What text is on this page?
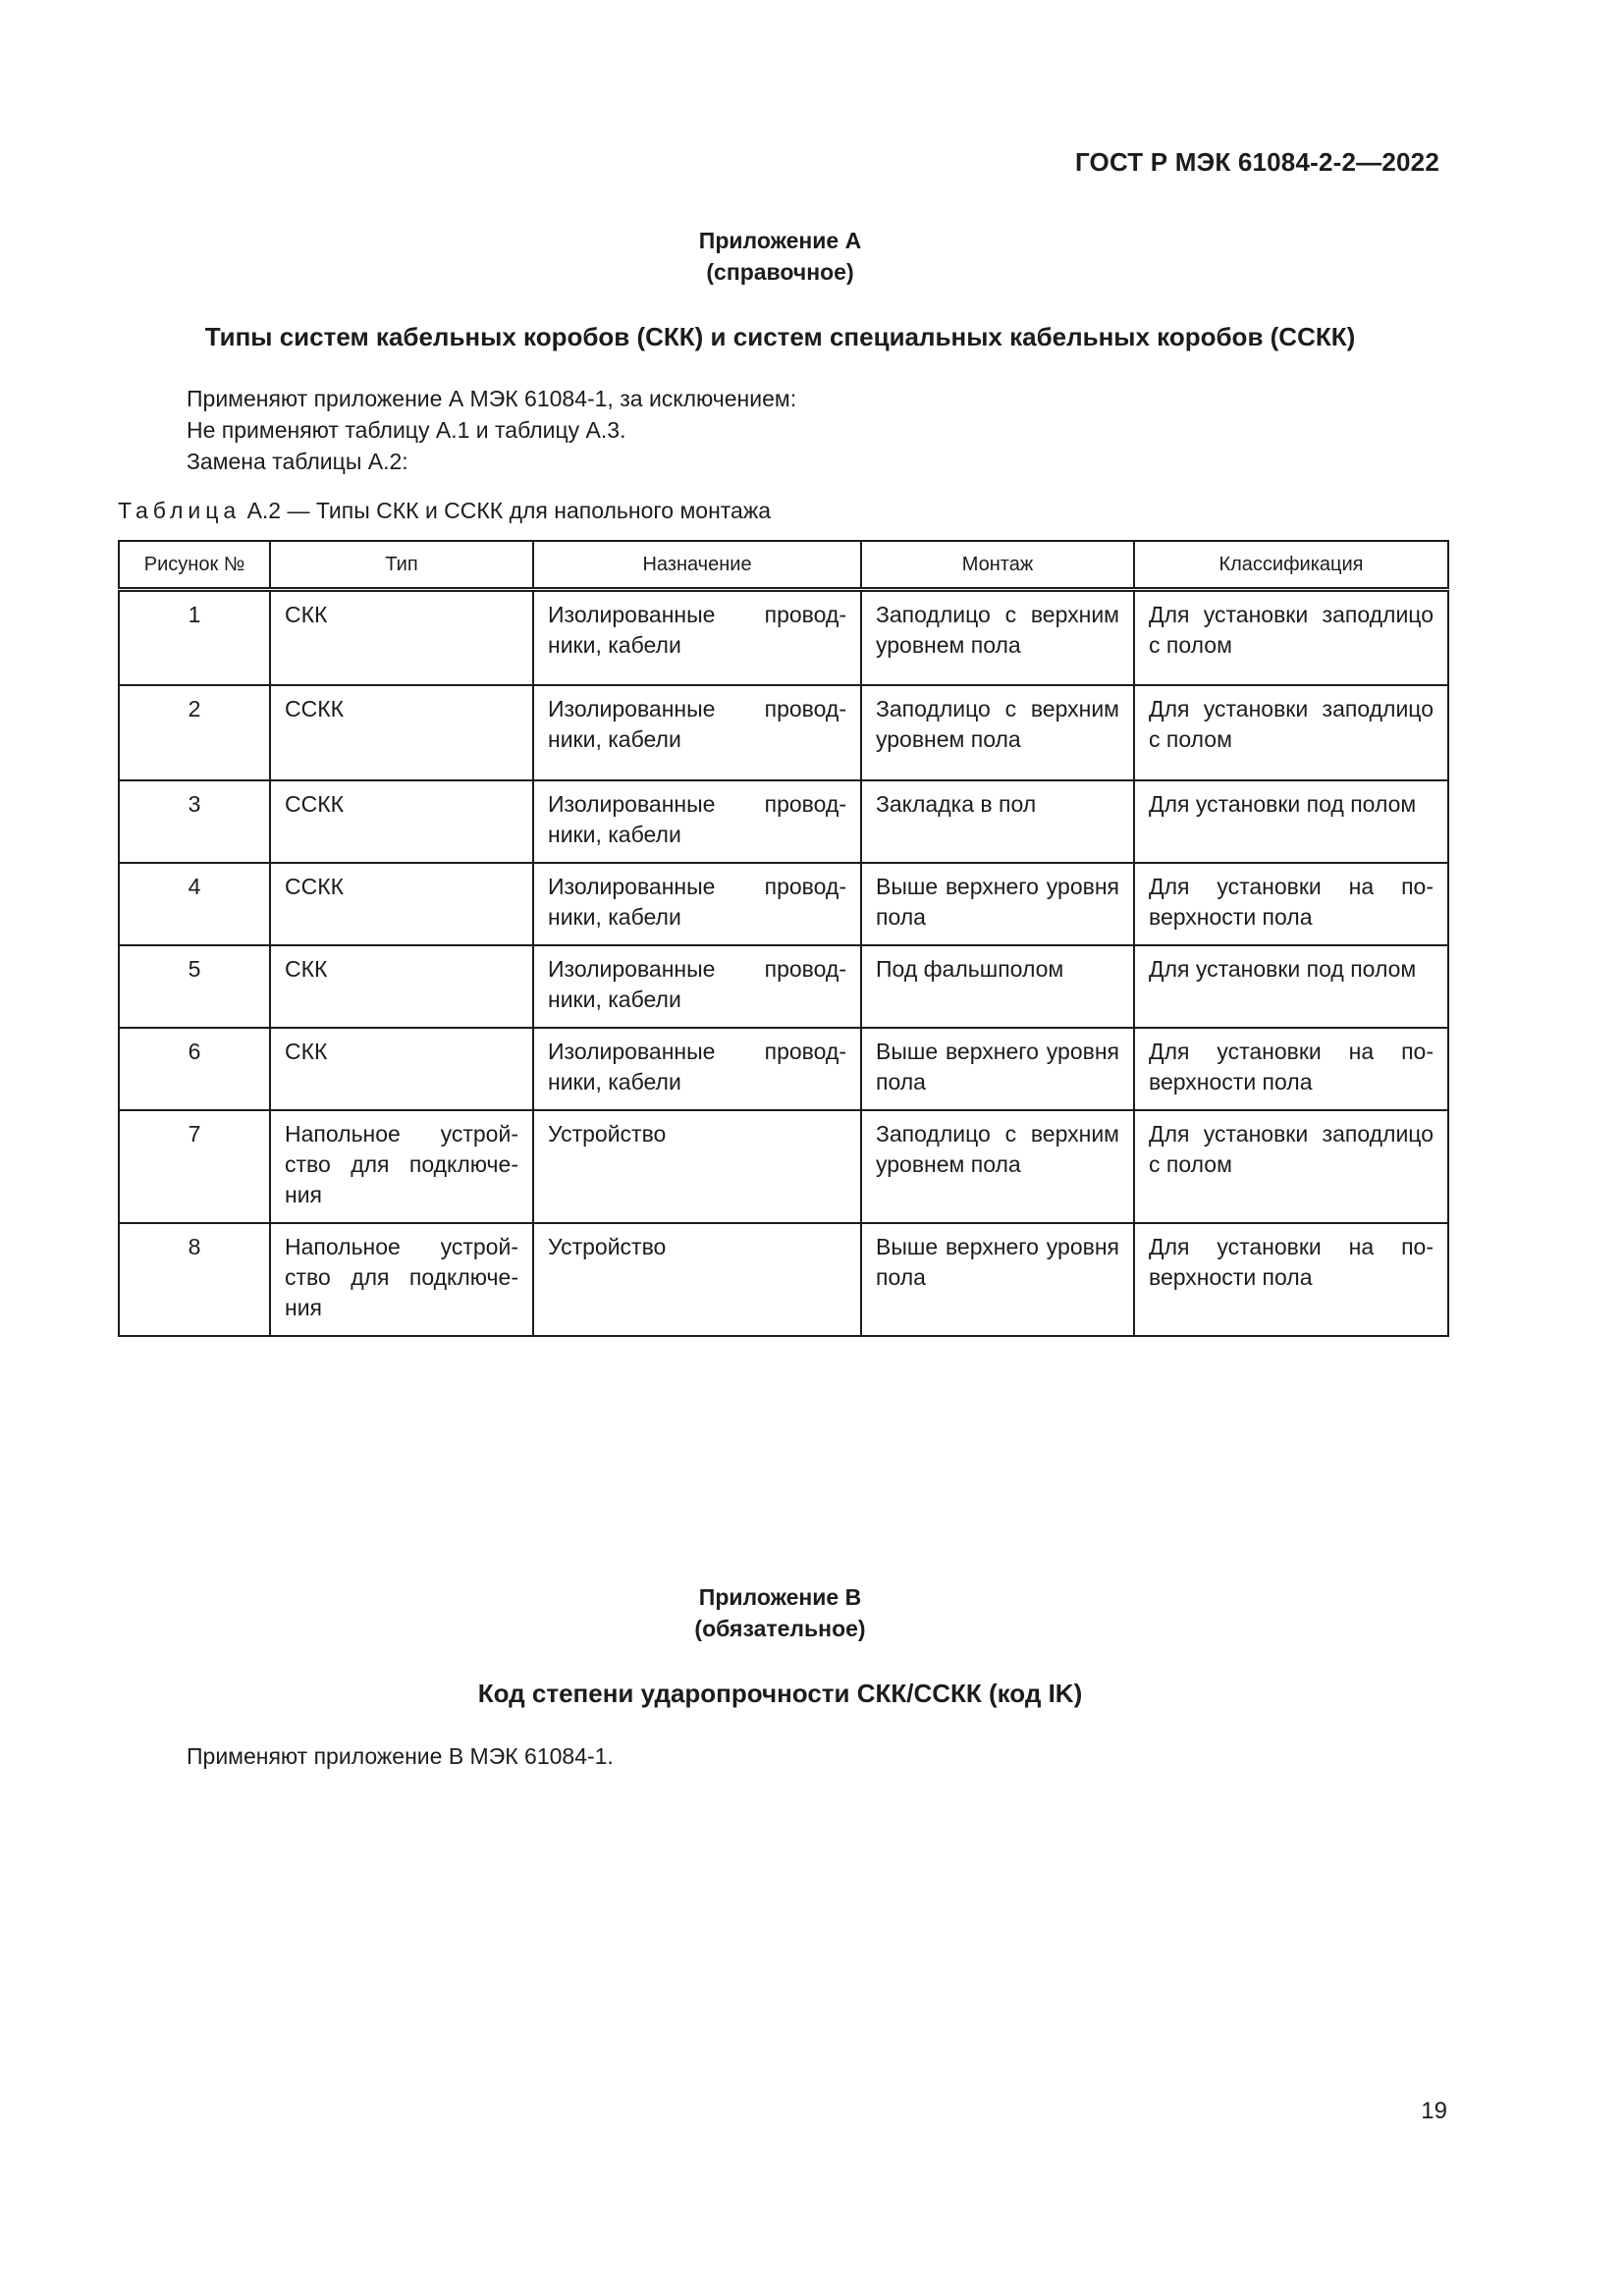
ГОСТ Р МЭК 61084-2-2—2022
Приложение А
(справочное)
Типы систем кабельных коробов (СКК) и систем специальных кабельных коробов (ССКК)
Применяют приложение А МЭК 61084-1, за исключением:
Не применяют таблицу А.1 и таблицу А.3.
Замена таблицы А.2:
Таблица А.2 — Типы СКК и ССКК для напольного монтажа
Рисунок №	Тип	Назначение	Монтаж	Классификация
1	СКК	Изолированные проводники, кабели	Заподлицо с верхним уровнем пола	Для установки заподлицо с полом
2	ССКК	Изолированные проводники, кабели	Заподлицо с верхним уровнем пола	Для установки заподлицо с полом
3	ССКК	Изолированные проводники, кабели	Закладка в пол	Для установки под полом
4	ССКК	Изолированные проводники, кабели	Выше верхнего уровня пола	Для установки на поверхности пола
5	СКК	Изолированные проводники, кабели	Под фальшполом	Для установки под полом
6	СКК	Изолированные проводники, кабели	Выше верхнего уровня пола	Для установки на поверхности пола
7	Напольное устройство для подключения	Устройство	Заподлицо с верхним уровнем пола	Для установки заподлицо с полом
8	Напольное устройство для подключения	Устройство	Выше верхнего уровня пола	Для установки на поверхности пола
Приложение В
(обязательное)
Код степени ударопрочности СКК/ССКК (код IK)
Применяют приложение В МЭК 61084-1.
19
